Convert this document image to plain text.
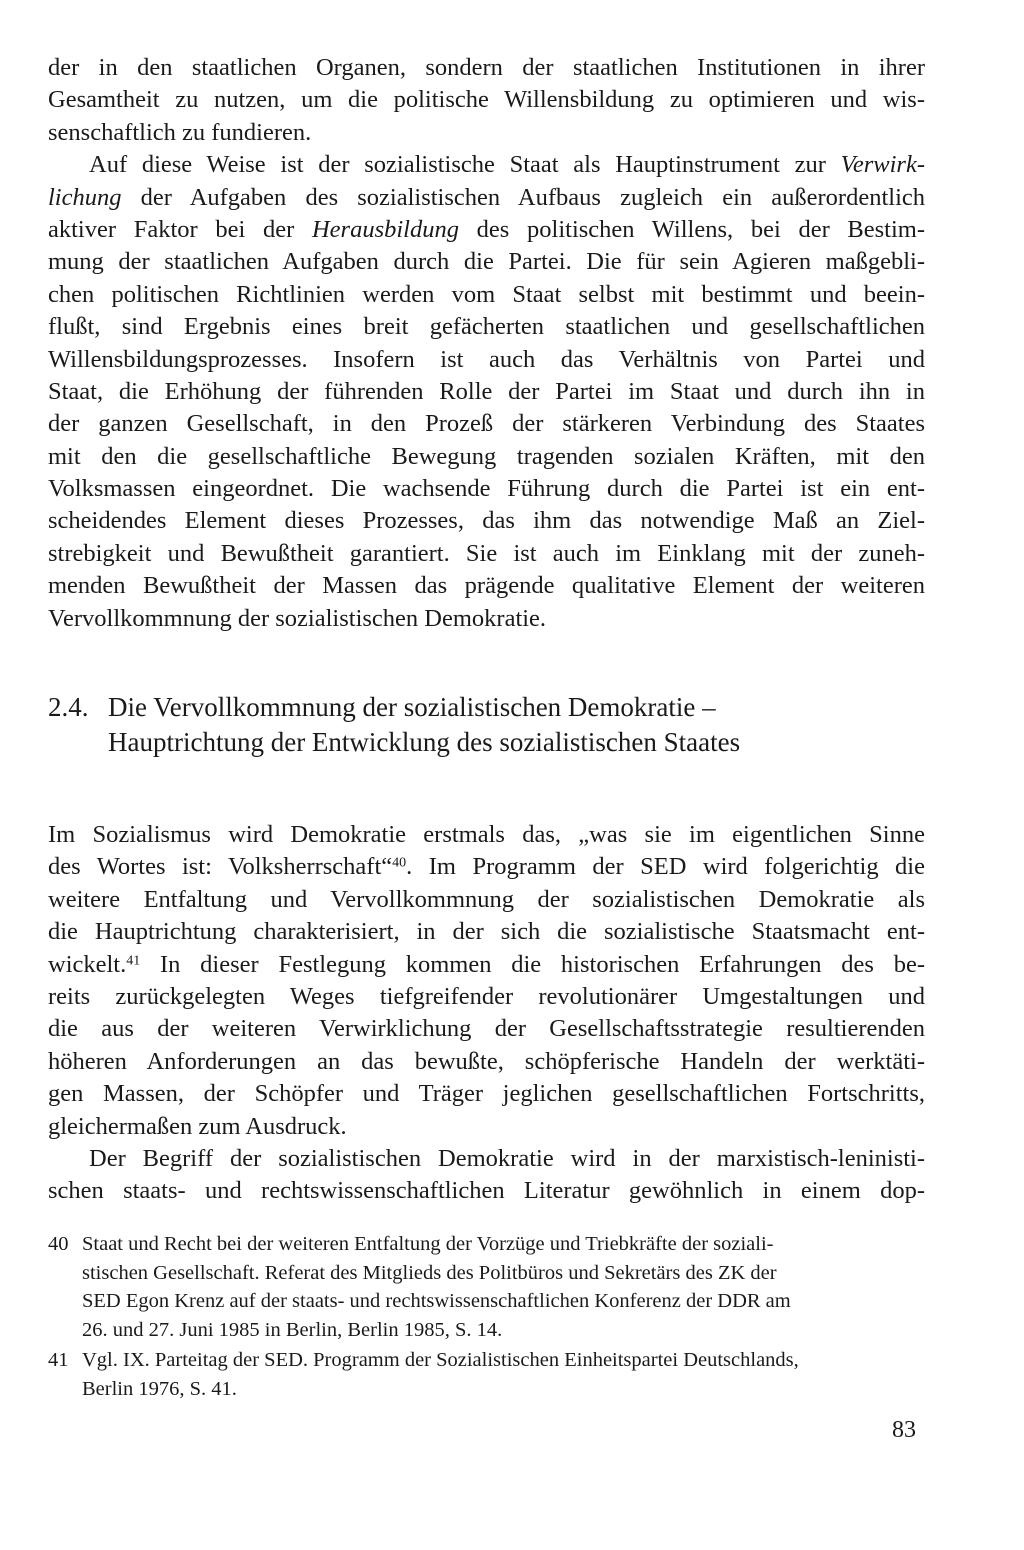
der in den staatlichen Organen, sondern der staatlichen Institutionen in ihrer
Gesamtheit zu nutzen, um die politische Willensbildung zu optimieren und wis-
senschaftlich zu fundieren.
Auf diese Weise ist der sozialistische Staat als Hauptinstrument zur Verwirk-
lichung der Aufgaben des sozialistischen Aufbaus zugleich ein außerordentlich
aktiver Faktor bei der Herausbildung des politischen Willens, bei der Bestim-
mung der staatlichen Aufgaben durch die Partei. Die für sein Agieren maßgebli-
chen politischen Richtlinien werden vom Staat selbst mit bestimmt und beein-
flußt, sind Ergebnis eines breit gefächerten staatlichen und gesellschaftlichen
Willensbildungsprozesses. Insofern ist auch das Verhältnis von Partei und
Staat, die Erhöhung der führenden Rolle der Partei im Staat und durch ihn in
der ganzen Gesellschaft, in den Prozeß der stärkeren Verbindung des Staates
mit den die gesellschaftliche Bewegung tragenden sozialen Kräften, mit den
Volksmassen eingeordnet. Die wachsende Führung durch die Partei ist ein ent-
scheidendes Element dieses Prozesses, das ihm das notwendige Maß an Ziel-
strebigkeit und Bewußtheit garantiert. Sie ist auch im Einklang mit der zuneh-
menden Bewußtheit der Massen das prägende qualitative Element der weiteren
Vervollkommnung der sozialistischen Demokratie.
2.4. Die Vervollkommnung der sozialistischen Demokratie –
Hauptrichtung der Entwicklung des sozialistischen Staates
Im Sozialismus wird Demokratie erstmals das, „was sie im eigentlichen Sinne
des Wortes ist: Volksherrschaft“$^{40}$. Im Programm der SED wird folgerichtig die
weitere Entfaltung und Vervollkommnung der sozialistischen Demokratie als
die Hauptrichtung charakterisiert, in der sich die sozialistische Staatsmacht ent-
wickelt.$^{41}$ In dieser Festlegung kommen die historischen Erfahrungen des be-
reits zurückgelegten Weges tiefgreifender revolutionärer Umgestaltungen und
die aus der weiteren Verwirklichung der Gesellschaftsstrategie resultierenden
höheren Anforderungen an das bewußte, schöpferische Handeln der werktäti-
gen Massen, der Schöpfer und Träger jeglichen gesellschaftlichen Fortschritts,
gleichermaßen zum Ausdruck.
Der Begriff der sozialistischen Demokratie wird in der marxistisch-leninisti-
schen staats- und rechtswissenschaftlichen Literatur gewöhnlich in einem dop-
40 Staat und Recht bei der weiteren Entfaltung der Vorzüge und Triebkräfte der soziali-
stischen Gesellschaft. Referat des Mitglieds des Politbüros und Sekretärs des ZK der
SED Egon Krenz auf der staats- und rechtswissenschaftlichen Konferenz der DDR am
26. und 27. Juni 1985 in Berlin, Berlin 1985, S. 14.
41 Vgl. IX. Parteitag der SED. Programm der Sozialistischen Einheitspartei Deutschlands,
Berlin 1976, S. 41.
83
